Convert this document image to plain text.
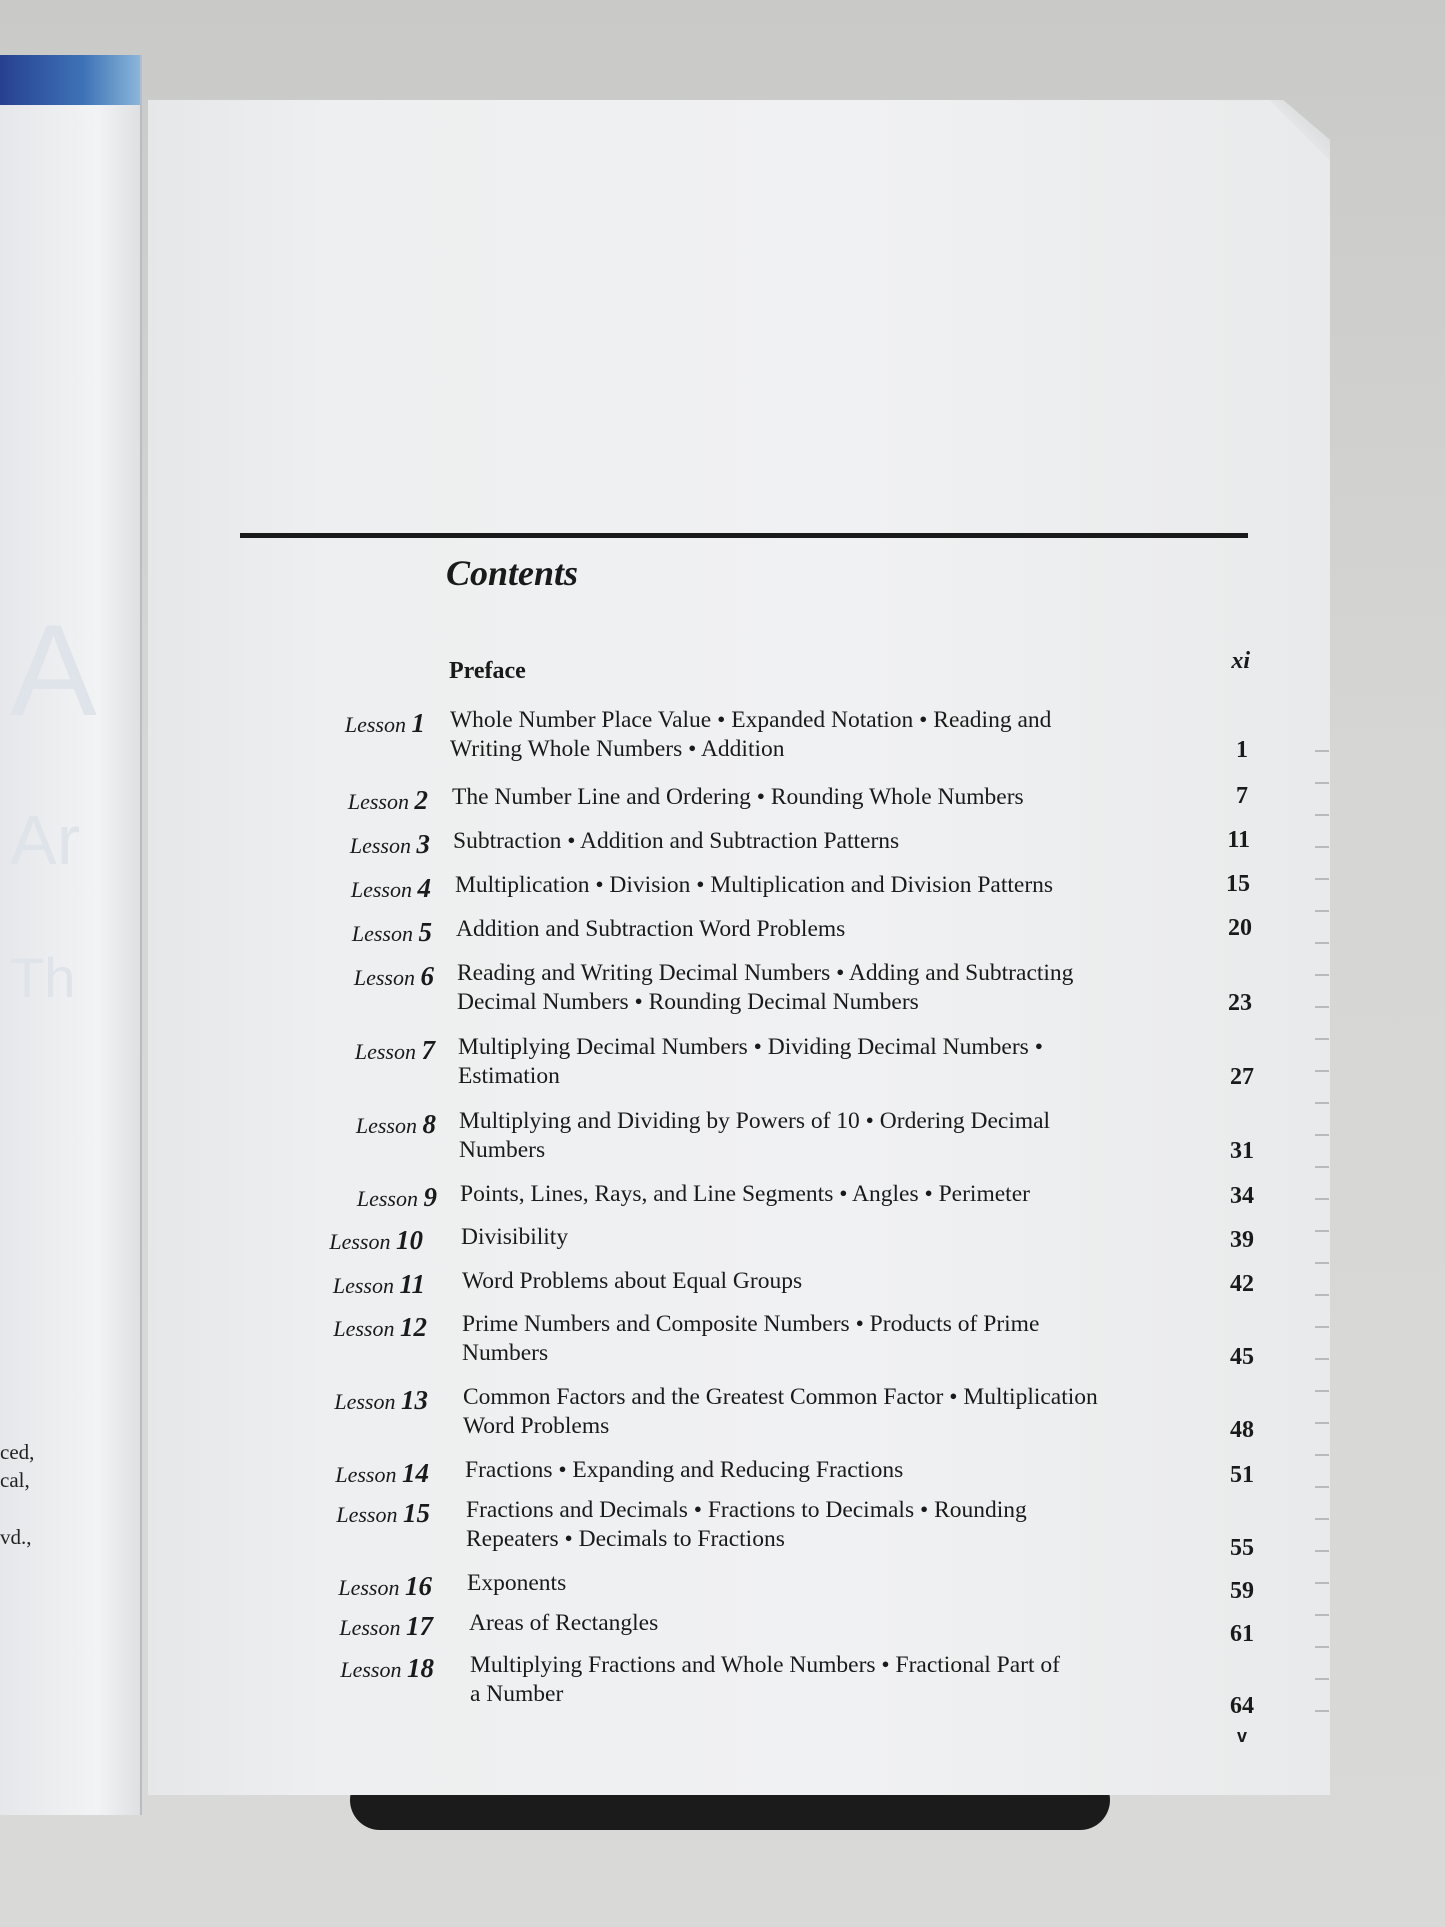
A
Ar
Th
ced,
cal,
vd.,
Contents
Preface	xi
Lesson 1 Whole Number Place Value • Expanded Notation • Reading and
Writing Whole Numbers • Addition	1
Lesson 2 The Number Line and Ordering • Rounding Whole Numbers	7
Lesson 3 Subtraction • Addition and Subtraction Patterns	11
Lesson 4 Multiplication • Division • Multiplication and Division Patterns	15
Lesson 5 Addition and Subtraction Word Problems	20
Lesson 6 Reading and Writing Decimal Numbers • Adding and Subtracting
Decimal Numbers • Rounding Decimal Numbers	23
Lesson 7 Multiplying Decimal Numbers • Dividing Decimal Numbers •
Estimation	27
Lesson 8 Multiplying and Dividing by Powers of 10 • Ordering Decimal
Numbers	31
Lesson 9 Points, Lines, Rays, and Line Segments • Angles • Perimeter	34
Lesson 10 Divisibility	39
Lesson 11 Word Problems about Equal Groups	42
Lesson 12 Prime Numbers and Composite Numbers • Products of Prime
Numbers	45
Lesson 13 Common Factors and the Greatest Common Factor • Multiplication
Word Problems	48
Lesson 14 Fractions • Expanding and Reducing Fractions	51
Lesson 15 Fractions and Decimals • Fractions to Decimals • Rounding
Repeaters • Decimals to Fractions	55
Lesson 16 Exponents	59
Lesson 17 Areas of Rectangles	61
Lesson 18 Multiplying Fractions and Whole Numbers • Fractional Part of
a Number	64
v
